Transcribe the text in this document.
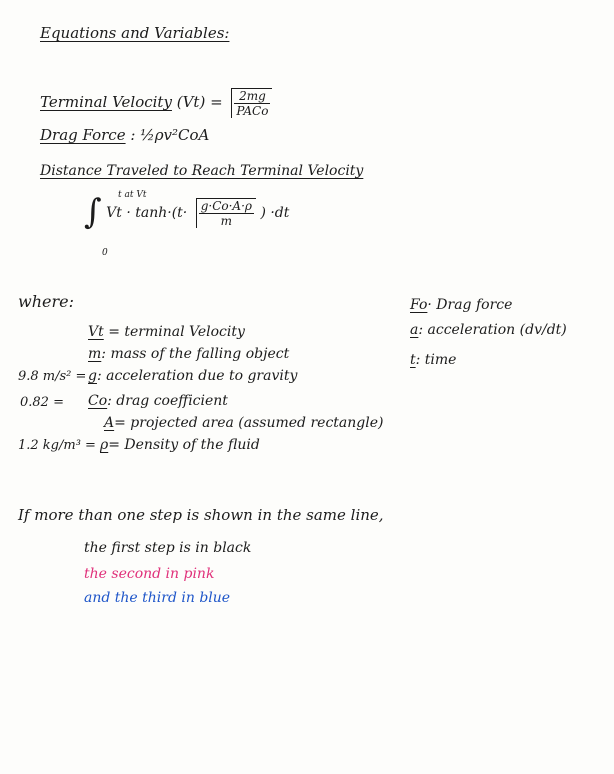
Equations and Variables:
Terminal Velocity $(Vt) = \frac{2mg}{\text{PACo}}$
Drag Force : ½ρv²CoA
Distance Traveled to Reach Terminal Velocity
t at Vt
0
∫ $Vt \cdot \tanh\cdot(t\cdot \frac{g\cdot Co\cdot A\cdot\rho}{m}$ ) ·dt
where:
Vt = terminal Velocity
m: mass of the falling object
9.8 m/s² = g: acceleration due to gravity
0.82 = Co: drag coefficient
A= projected area (assumed rectangle)
1.2 kg/m³ = ρ= Density of the fluid
Fo· Drag force
a: acceleration (dv/dt)
t: time
If more than one step is shown in the same line,
the first step is in black
the second in pink
and the third in blue
